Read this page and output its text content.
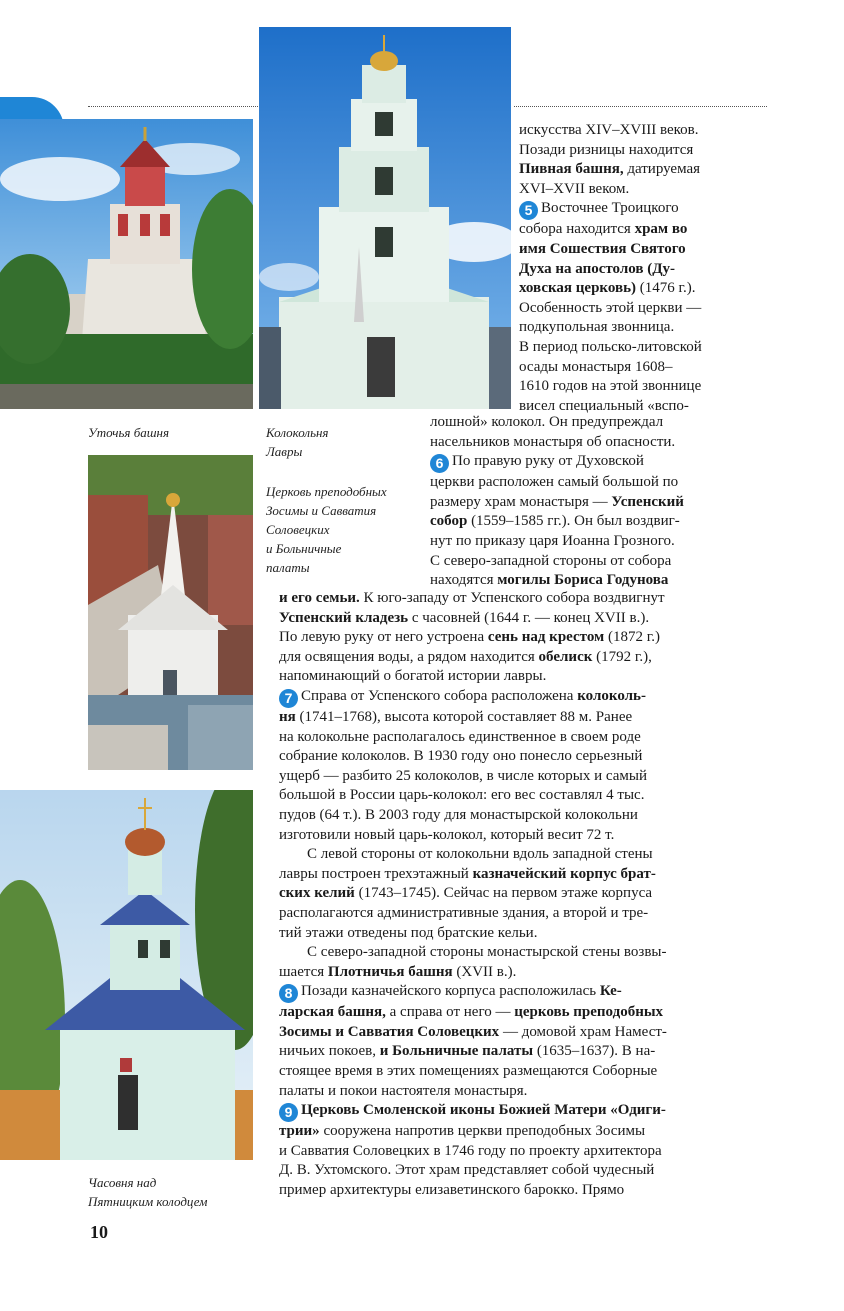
Уточья башня	Колокольня
Лавры
Церковь преподобных
Зосимы и Савватия
Соловецких
и Больничные
палаты
Часовня над
Пятницким колодцем

искусства XIV–XVIII веков.

Позади ризницы находится

Пивная башня, датируемая

XVI–XVII веком.

5 Восточнее Троицкого

собора находится храм во

имя Сошествия Святого

Духа на апостолов (Ду-

ховская церковь) (1476 г.).

Особенность этой церкви —

подкупольная звонница.

В период польско-литовской

осады монастыря 1608–

1610 годов на этой звоннице

висел специальный «вспо-

лошной» колокол. Он предупреждал

насельников монастыря об опасности.

6 По правую руку от Духовской

церкви расположен самый большой по

размеру храм монастыря — Успенский

собор (1559–1585 гг.). Он был воздвиг-

нут по приказу царя Иоанна Грозного.

С северо-западной стороны от собора

находятся могилы Бориса Годунова

и его семьи. К юго-западу от Успенского собора воздвигнут

Успенский кладезь с часовней (1644 г. — конец XVII в.).

По левую руку от него устроена сень над крестом (1872 г.)

для освящения воды, а рядом находится обелиск (1792 г.),

напоминающий о богатой истории лавры.

7 Справа от Успенского собора расположена колоколь-

ня (1741–1768), высота которой составляет 88 м. Ранее

на колокольне располагалось единственное в своем роде

собрание колоколов. В 1930 году оно понесло серьезный

ущерб — разбито 25 колоколов, в числе которых и самый

большой в России царь-колокол: его вес составлял 4 тыс.

пудов (64 т.). В 2003 году для монастырской колокольни

изготовили новый царь-колокол, который весит 72 т.

С левой стороны от колокольни вдоль западной стены

лавры построен трехэтажный казначейский корпус брат-

ских келий (1743–1745). Сейчас на первом этаже корпуса

располагаются административные здания, а второй и тре-

тий этажи отведены под братские кельи.

С северо-западной стороны монастырской стены возвы-

шается Плотничья башня (XVII в.).

8 Позади казначейского корпуса расположилась Ке-

ларская башня, а справа от него — церковь преподобных

Зосимы и Савватия Соловецких — домовой храм Намест-

ничьих покоев, и Больничные палаты (1635–1637). В на-

стоящее время в этих помещениях размещаются Соборные

палаты и покои настоятеля монастыря.

9 Церковь Смоленской иконы Божией Матери «Одиги-

трии» сооружена напротив церкви преподобных Зосимы

и Савватия Соловецких в 1746 году по проекту архитектора

Д. В. Ухтомского. Этот храм представляет собой чудесный

пример архитектуры елизаветинского барокко. Прямо

10
